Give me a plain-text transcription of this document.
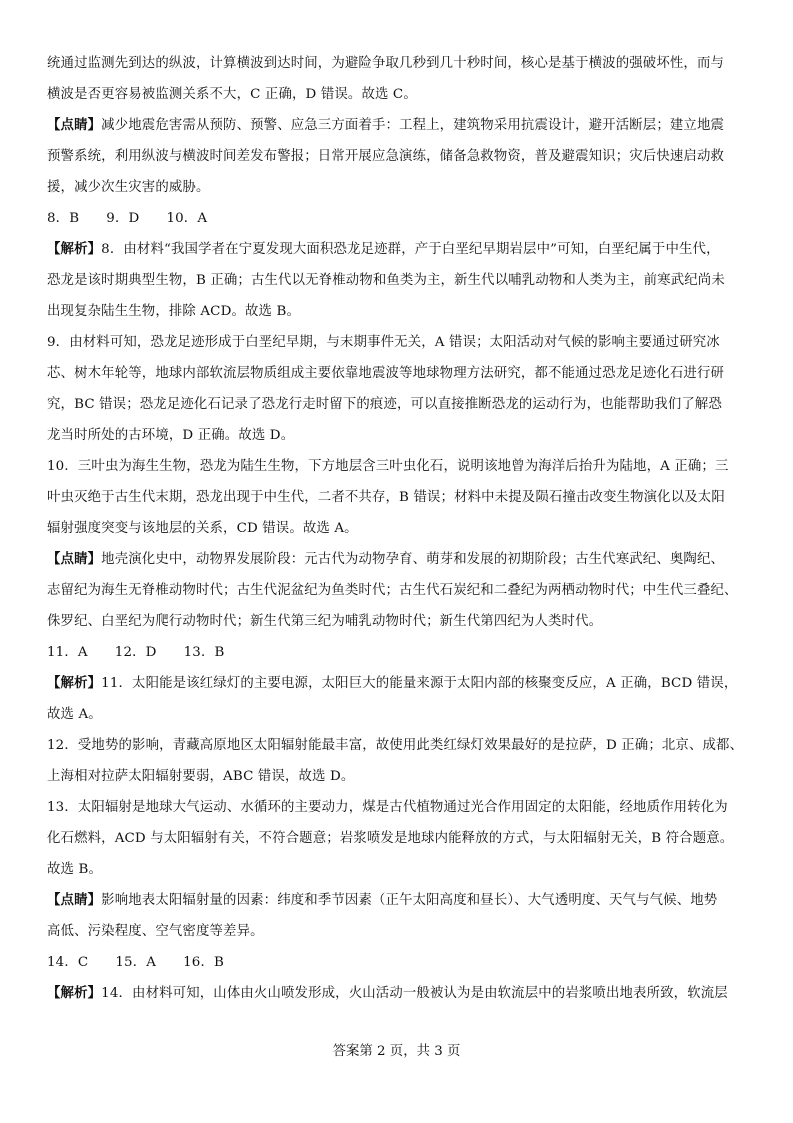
统通过监测先到达的纵波，计算横波到达时间，为避险争取几秒到几十秒时间，核心是基于横波的强破坏性，而与
横波是否更容易被监测关系不大，C 正确，D 错误。故选 C。
【点睛】减少地震危害需从预防、预警、应急三方面着手：工程上，建筑物采用抗震设计，避开活断层；建立地震
预警系统，利用纵波与横波时间差发布警报；日常开展应急演练，储备急救物资，普及避震知识；灾后快速启动救
援，减少次生灾害的威胁。
8．B　　9．D　　10．A
【解析】8．由材料“我国学者在宁夏发现大面积恐龙足迹群，产于白垩纪早期岩层中”可知，白垩纪属于中生代，
恐龙是该时期典型生物，B 正确；古生代以无脊椎动物和鱼类为主，新生代以哺乳动物和人类为主，前寒武纪尚未
出现复杂陆生生物，排除 ACD。故选 B。
9．由材料可知，恐龙足迹形成于白垩纪早期，与末期事件无关，A 错误；太阳活动对气候的影响主要通过研究冰
芯、树木年轮等，地球内部软流层物质组成主要依靠地震波等地球物理方法研究，都不能通过恐龙足迹化石进行研
究，BC 错误；恐龙足迹化石记录了恐龙行走时留下的痕迹，可以直接推断恐龙的运动行为，也能帮助我们了解恐
龙当时所处的古环境，D 正确。故选 D。
10．三叶虫为海生生物，恐龙为陆生生物，下方地层含三叶虫化石，说明该地曾为海洋后抬升为陆地，A 正确；三
叶虫灭绝于古生代末期，恐龙出现于中生代，二者不共存，B 错误；材料中未提及陨石撞击改变生物演化以及太阳
辐射强度突变与该地层的关系，CD 错误。故选 A。
【点睛】地壳演化史中，动物界发展阶段：元古代为动物孕育、萌芽和发展的初期阶段；古生代寒武纪、奥陶纪、
志留纪为海生无脊椎动物时代；古生代泥盆纪为鱼类时代；古生代石炭纪和二叠纪为两栖动物时代；中生代三叠纪、
侏罗纪、白垩纪为爬行动物时代；新生代第三纪为哺乳动物时代；新生代第四纪为人类时代。
11．A　　12．D　　13．B
【解析】11．太阳能是该红绿灯的主要电源，太阳巨大的能量来源于太阳内部的核聚变反应，A 正确，BCD 错误，
故选 A。
12．受地势的影响，青藏高原地区太阳辐射能最丰富，故使用此类红绿灯效果最好的是拉萨，D 正确；北京、成都、
上海相对拉萨太阳辐射要弱，ABC 错误，故选 D。
13．太阳辐射是地球大气运动、水循环的主要动力，煤是古代植物通过光合作用固定的太阳能，经地质作用转化为
化石燃料，ACD 与太阳辐射有关，不符合题意；岩浆喷发是地球内能释放的方式，与太阳辐射无关，B 符合题意。
故选 B。
【点睛】影响地表太阳辐射量的因素：纬度和季节因素（正午太阳高度和昼长）、大气透明度、天气与气候、地势
高低、污染程度、空气密度等差异。
14．C　　15．A　　16．B
【解析】14．由材料可知，山体由火山喷发形成，火山活动一般被认为是由软流层中的岩浆喷出地表所致，软流层
答案第 2 页，共 3 页
